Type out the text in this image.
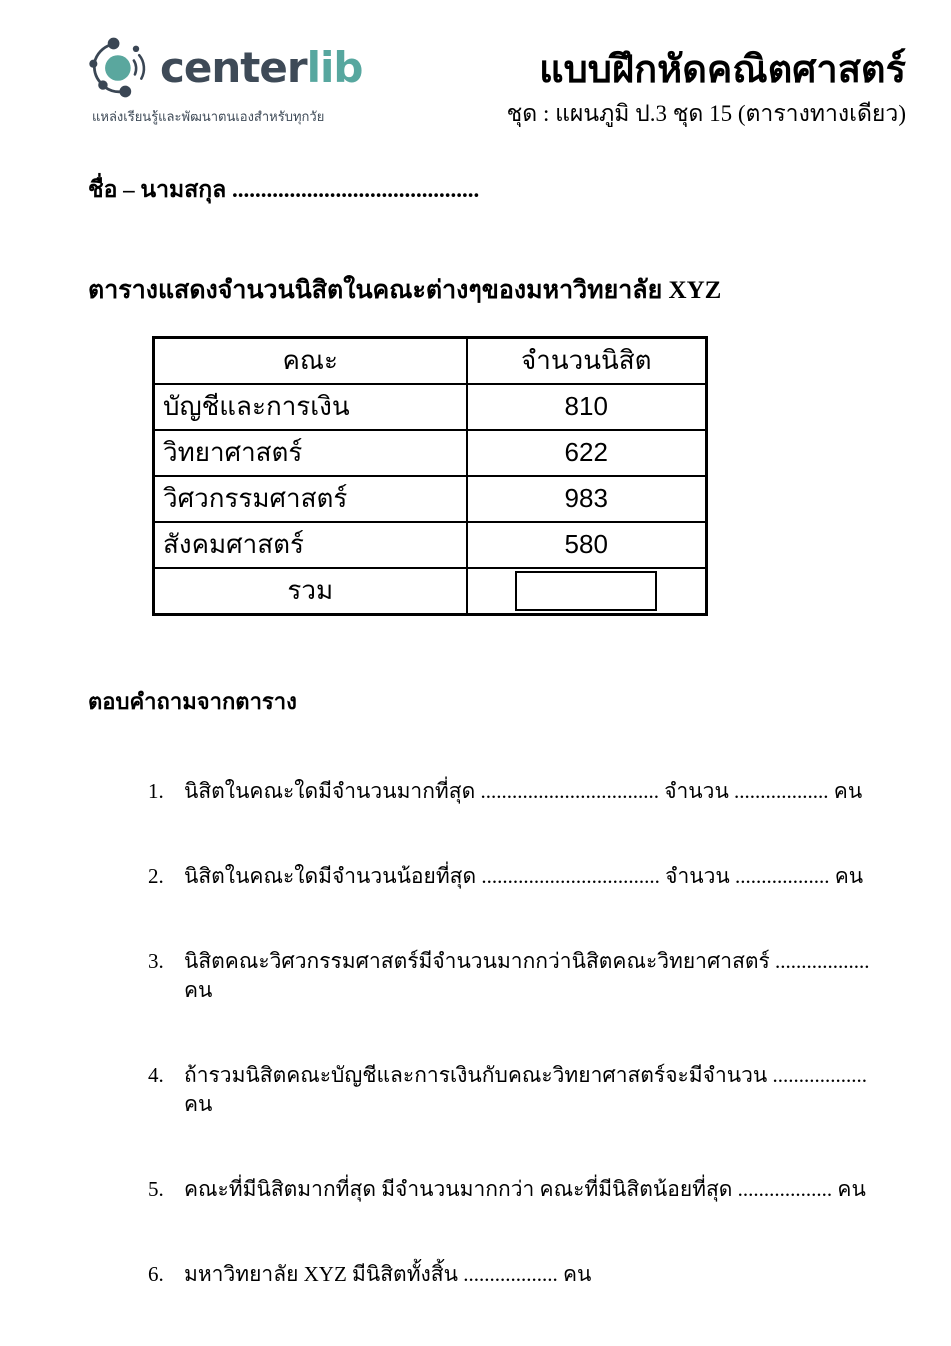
centerlib
แหล่งเรียนรู้และพัฒนาตนเองสำหรับทุกวัย
แบบฝึกหัดคณิตศาสตร์
ชุด : แผนภูมิ ป.3 ชุด 15 (ตารางทางเดียว)
ชื่อ – นามสกุล ...........................................
ตารางแสดงจำนวนนิสิตในคณะต่างๆของมหาวิทยาลัย XYZ
คณะ	จำนวนนิสิต
บัญชีและการเงิน	810
วิทยาศาสตร์	622
วิศวกรรมศาสตร์	983
สังคมศาสตร์	580
รวม	
ตอบคำถามจากตาราง
1. นิสิตในคณะใดมีจำนวนมากที่สุด .................................. จำนวน .................. คน
2. นิสิตในคณะใดมีจำนวนน้อยที่สุด .................................. จำนวน .................. คน
3. นิสิตคณะวิศวกรรมศาสตร์มีจำนวนมากกว่านิสิตคณะวิทยาศาสตร์ .................. คน
4. ถ้ารวมนิสิตคณะบัญชีและการเงินกับคณะวิทยาศาสตร์จะมีจำนวน .................. คน
5. คณะที่มีนิสิตมากที่สุด มีจำนวนมากกว่า คณะที่มีนิสิตน้อยที่สุด .................. คน
6. มหาวิทยาลัย XYZ มีนิสิตทั้งสิ้น .................. คน
